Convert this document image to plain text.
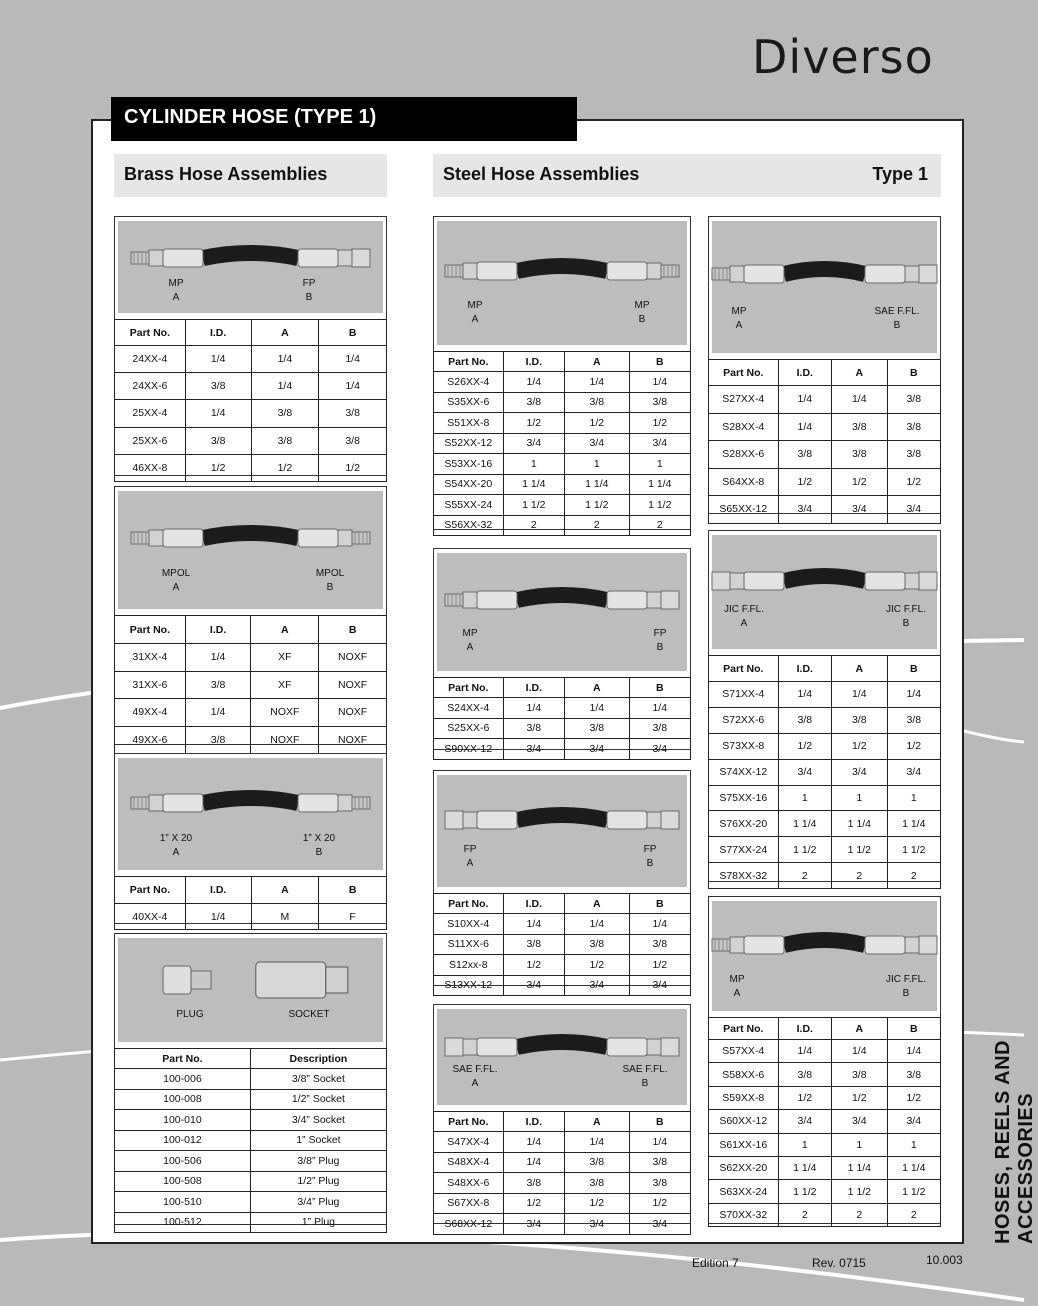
Diverso
CYLINDER HOSE (TYPE 1)
Brass Hose Assemblies	Steel Hose Assemblies	Type 1
MP
A
FP
B
Part No.	I.D.	A	B
24XX-4	1/4	1/4	1/4
24XX-6	3/8	1/4	1/4
25XX-4	1/4	3/8	3/8
25XX-6	3/8	3/8	3/8
46XX-8	1/2	1/2	1/2
MPOL
A
MPOL
B
Part No.	I.D.	A	B
31XX-4	1/4	XF	NOXF
31XX-6	3/8	XF	NOXF
49XX-4	1/4	NOXF	NOXF
49XX-6	3/8	NOXF	NOXF
1” X 20
A
1” X 20
B
Part No.	I.D.	A	B
40XX-4	1/4	M	F
PLUG	SOCKET
Part No.	Description
100-006	3/8” Socket
100-008	1/2” Socket
100-010	3/4” Socket
100-012	1” Socket
100-506	3/8” Plug
100-508	1/2” Plug
100-510	3/4” Plug
100-512	1” Plug
MP
A
MP
B
Part No.	I.D.	A	B
S26XX-4	1/4	1/4	1/4
S35XX-6	3/8	3/8	3/8
S51XX-8	1/2	1/2	1/2
S52XX-12	3/4	3/4	3/4
S53XX-16	1	1	1
S54XX-20	1 1/4	1 1/4	1 1/4
S55XX-24	1 1/2	1 1/2	1 1/2
S56XX-32	2	2	2
MP
A
FP
B
Part No.	I.D.	A	B
S24XX-4	1/4	1/4	1/4
S25XX-6	3/8	3/8	3/8
S90XX-12	3/4	3/4	3/4
FP
A
FP
B
Part No.	I.D.	A	B
S10XX-4	1/4	1/4	1/4
S11XX-6	3/8	3/8	3/8
S12xx-8	1/2	1/2	1/2
S13XX-12	3/4	3/4	3/4
SAE F.FL.
A
SAE F.FL.
B
Part No.	I.D.	A	B
S47XX-4	1/4	1/4	1/4
S48XX-4	1/4	3/8	3/8
S48XX-6	3/8	3/8	3/8
S67XX-8	1/2	1/2	1/2
S68XX-12	3/4	3/4	3/4
MP
A
SAE F.FL.
B
Part No.	I.D.	A	B
S27XX-4	1/4	1/4	3/8
S28XX-4	1/4	3/8	3/8
S28XX-6	3/8	3/8	3/8
S64XX-8	1/2	1/2	1/2
S65XX-12	3/4	3/4	3/4
JIC F.FL.
A
JIC F.FL.
B
Part No.	I.D.	A	B
S71XX-4	1/4	1/4	1/4
S72XX-6	3/8	3/8	3/8
S73XX-8	1/2	1/2	1/2
S74XX-12	3/4	3/4	3/4
S75XX-16	1	1	1
S76XX-20	1 1/4	1 1/4	1 1/4
S77XX-24	1 1/2	1 1/2	1 1/2
S78XX-32	2	2	2
MP
A
JIC F.FL.
B
Part No.	I.D.	A	B
S57XX-4	1/4	1/4	1/4
S58XX-6	3/8	3/8	3/8
S59XX-8	1/2	1/2	1/2
S60XX-12	3/4	3/4	3/4
S61XX-16	1	1	1
S62XX-20	1 1/4	1 1/4	1 1/4
S63XX-24	1 1/2	1 1/2	1 1/2
S70XX-32	2	2	2	HOSES, REELS AND ACCESSORIES
Edition 7	Rev. 0715	10.003
